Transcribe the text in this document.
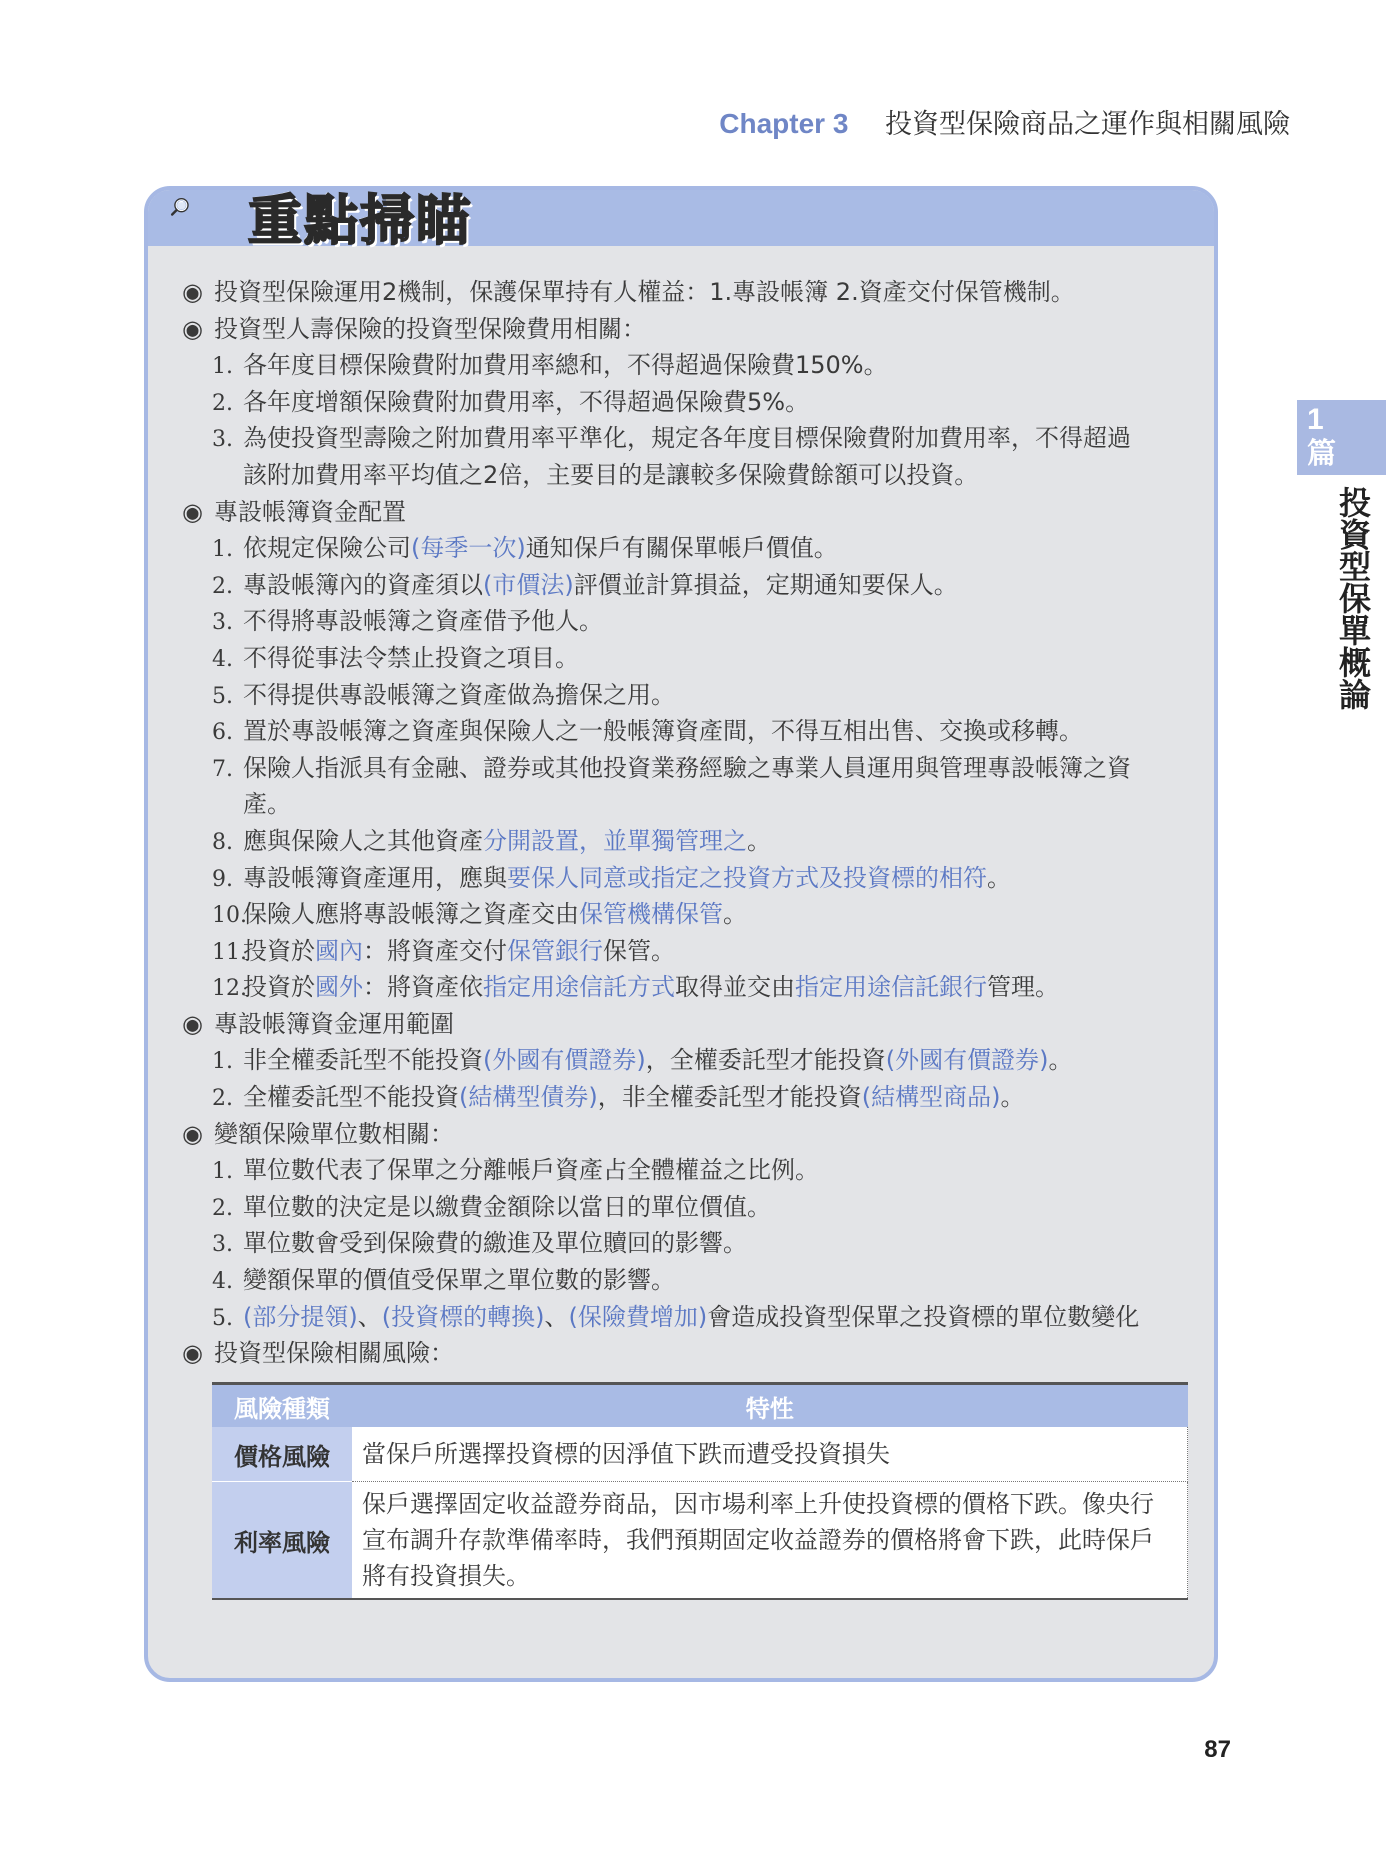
Chapter 3 投資型保險商品之運作與相關風險
1
篇
投資型保單概論
重點掃瞄
◉ 投資型保險運用2機制，保護保單持有人權益：1.專設帳簿 2.資產交付保管機制。
◉ 投資型人壽保險的投資型保險費用相關：
1. 各年度目標保險費附加費用率總和，不得超過保險費150%。
2. 各年度增額保險費附加費用率，不得超過保險費5%。
3. 為使投資型壽險之附加費用率平準化，規定各年度目標保險費附加費用率，不得超過
該附加費用率平均值之2倍，主要目的是讓較多保險費餘額可以投資。
◉ 專設帳簿資金配置
1. 依規定保險公司(每季一次)通知保戶有關保單帳戶價值。
2. 專設帳簿內的資產須以(市價法)評價並計算損益，定期通知要保人。
3. 不得將專設帳簿之資產借予他人。
4. 不得從事法令禁止投資之項目。
5. 不得提供專設帳簿之資產做為擔保之用。
6. 置於專設帳簿之資產與保險人之一般帳簿資產間，不得互相出售、交換或移轉。
7. 保險人指派具有金融、證券或其他投資業務經驗之專業人員運用與管理專設帳簿之資
產。
8. 應與保險人之其他資產分開設置，並單獨管理之。
9. 專設帳簿資產運用，應與要保人同意或指定之投資方式及投資標的相符。
10.保險人應將專設帳簿之資產交由保管機構保管。
11.投資於國內：將資產交付保管銀行保管。
12.投資於國外：將資產依指定用途信託方式取得並交由指定用途信託銀行管理。
◉ 專設帳簿資金運用範圍
1. 非全權委託型不能投資(外國有價證券)，全權委託型才能投資(外國有價證券)。
2. 全權委託型不能投資(結構型債券)，非全權委託型才能投資(結構型商品)。
◉ 變額保險單位數相關：
1. 單位數代表了保單之分離帳戶資產占全體權益之比例。
2. 單位數的決定是以繳費金額除以當日的單位價值。
3. 單位數會受到保險費的繳進及單位贖回的影響。
4. 變額保單的價值受保單之單位數的影響。
5. (部分提領)、(投資標的轉換)、(保險費增加)會造成投資型保單之投資標的單位數變化
◉ 投資型保險相關風險：
風險種類	特性
價格風險	當保戶所選擇投資標的因淨值下跌而遭受投資損失
利率風險	保戶選擇固定收益證券商品，因市場利率上升使投資標的價格下跌。像央行宣布調升存款準備率時，我們預期固定收益證券的價格將會下跌，此時保戶將有投資損失。
87
